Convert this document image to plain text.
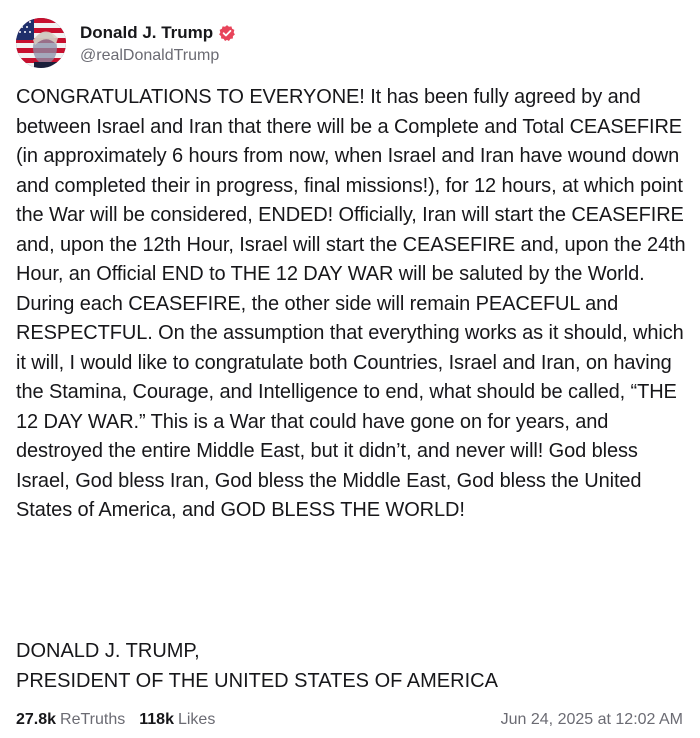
Donald J. Trump
@realDonaldTrump
CONGRATULATIONS TO EVERYONE! It has been fully agreed by and between Israel and Iran that there will be a Complete and Total CEASEFIRE (in approximately 6 hours from now, when Israel and Iran have wound down and completed their in progress, final missions!), for 12 hours, at which point the War will be considered, ENDED! Officially, Iran will start the CEASEFIRE and, upon the 12th Hour, Israel will start the CEASEFIRE and, upon the 24th Hour, an Official END to THE 12 DAY WAR will be saluted by the World. During each CEASEFIRE, the other side will remain PEACEFUL and RESPECTFUL. On the assumption that everything works as it should, which it will, I would like to congratulate both Countries, Israel and Iran, on having the Stamina, Courage, and Intelligence to end, what should be called, “THE 12 DAY WAR.” This is a War that could have gone on for years, and destroyed the entire Middle East, but it didn’t, and never will! God bless Israel, God bless Iran, God bless the Middle East, God bless the United States of America, and GOD BLESS THE WORLD!
DONALD J. TRUMP,
PRESIDENT OF THE UNITED STATES OF AMERICA
27.8k ReTruths 118k Likes	Jun 24, 2025 at 12:02 AM
